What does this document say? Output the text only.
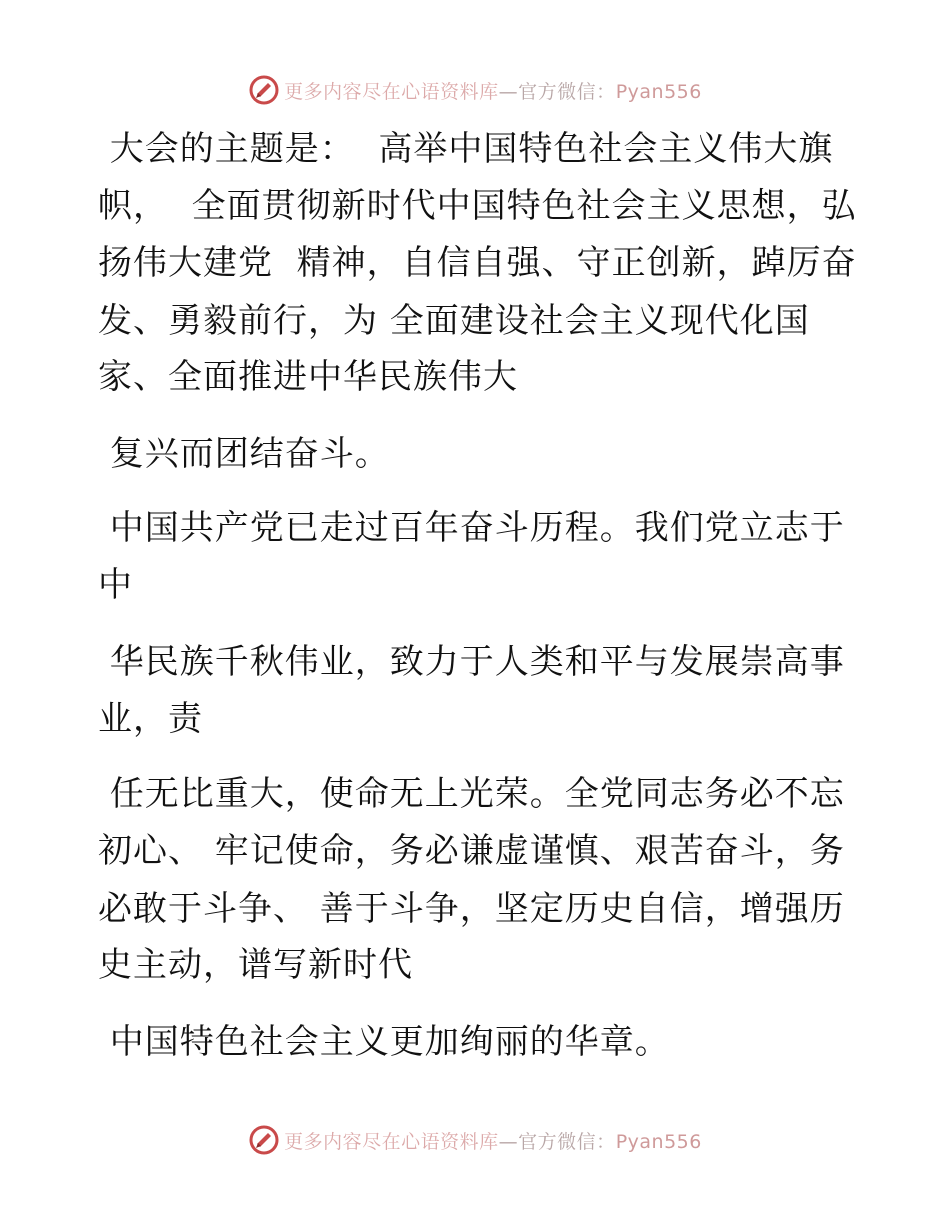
更多内容尽在心语资料库—官方微信：Pyan556

大会的主题是：  高举中国特色社会主义伟大旗

帜，  全面贯彻新时代中国特色社会主义思想，弘

扬伟大建党  精神，自信自强、守正创新，踔厉奋

发、勇毅前行，为 全面建设社会主义现代化国

家、全面推进中华民族伟大

复兴而团结奋斗。

中国共产党已走过百年奋斗历程。我们党立志于

中

华民族千秋伟业，致力于人类和平与发展崇高事

业，责

任无比重大，使命无上光荣。全党同志务必不忘

初心、 牢记使命，务必谦虚谨慎、艰苦奋斗，务

必敢于斗争、 善于斗争，坚定历史自信，增强历

史主动，谱写新时代

中国特色社会主义更加绚丽的华章。

更多内容尽在心语资料库—官方微信：Pyan556
